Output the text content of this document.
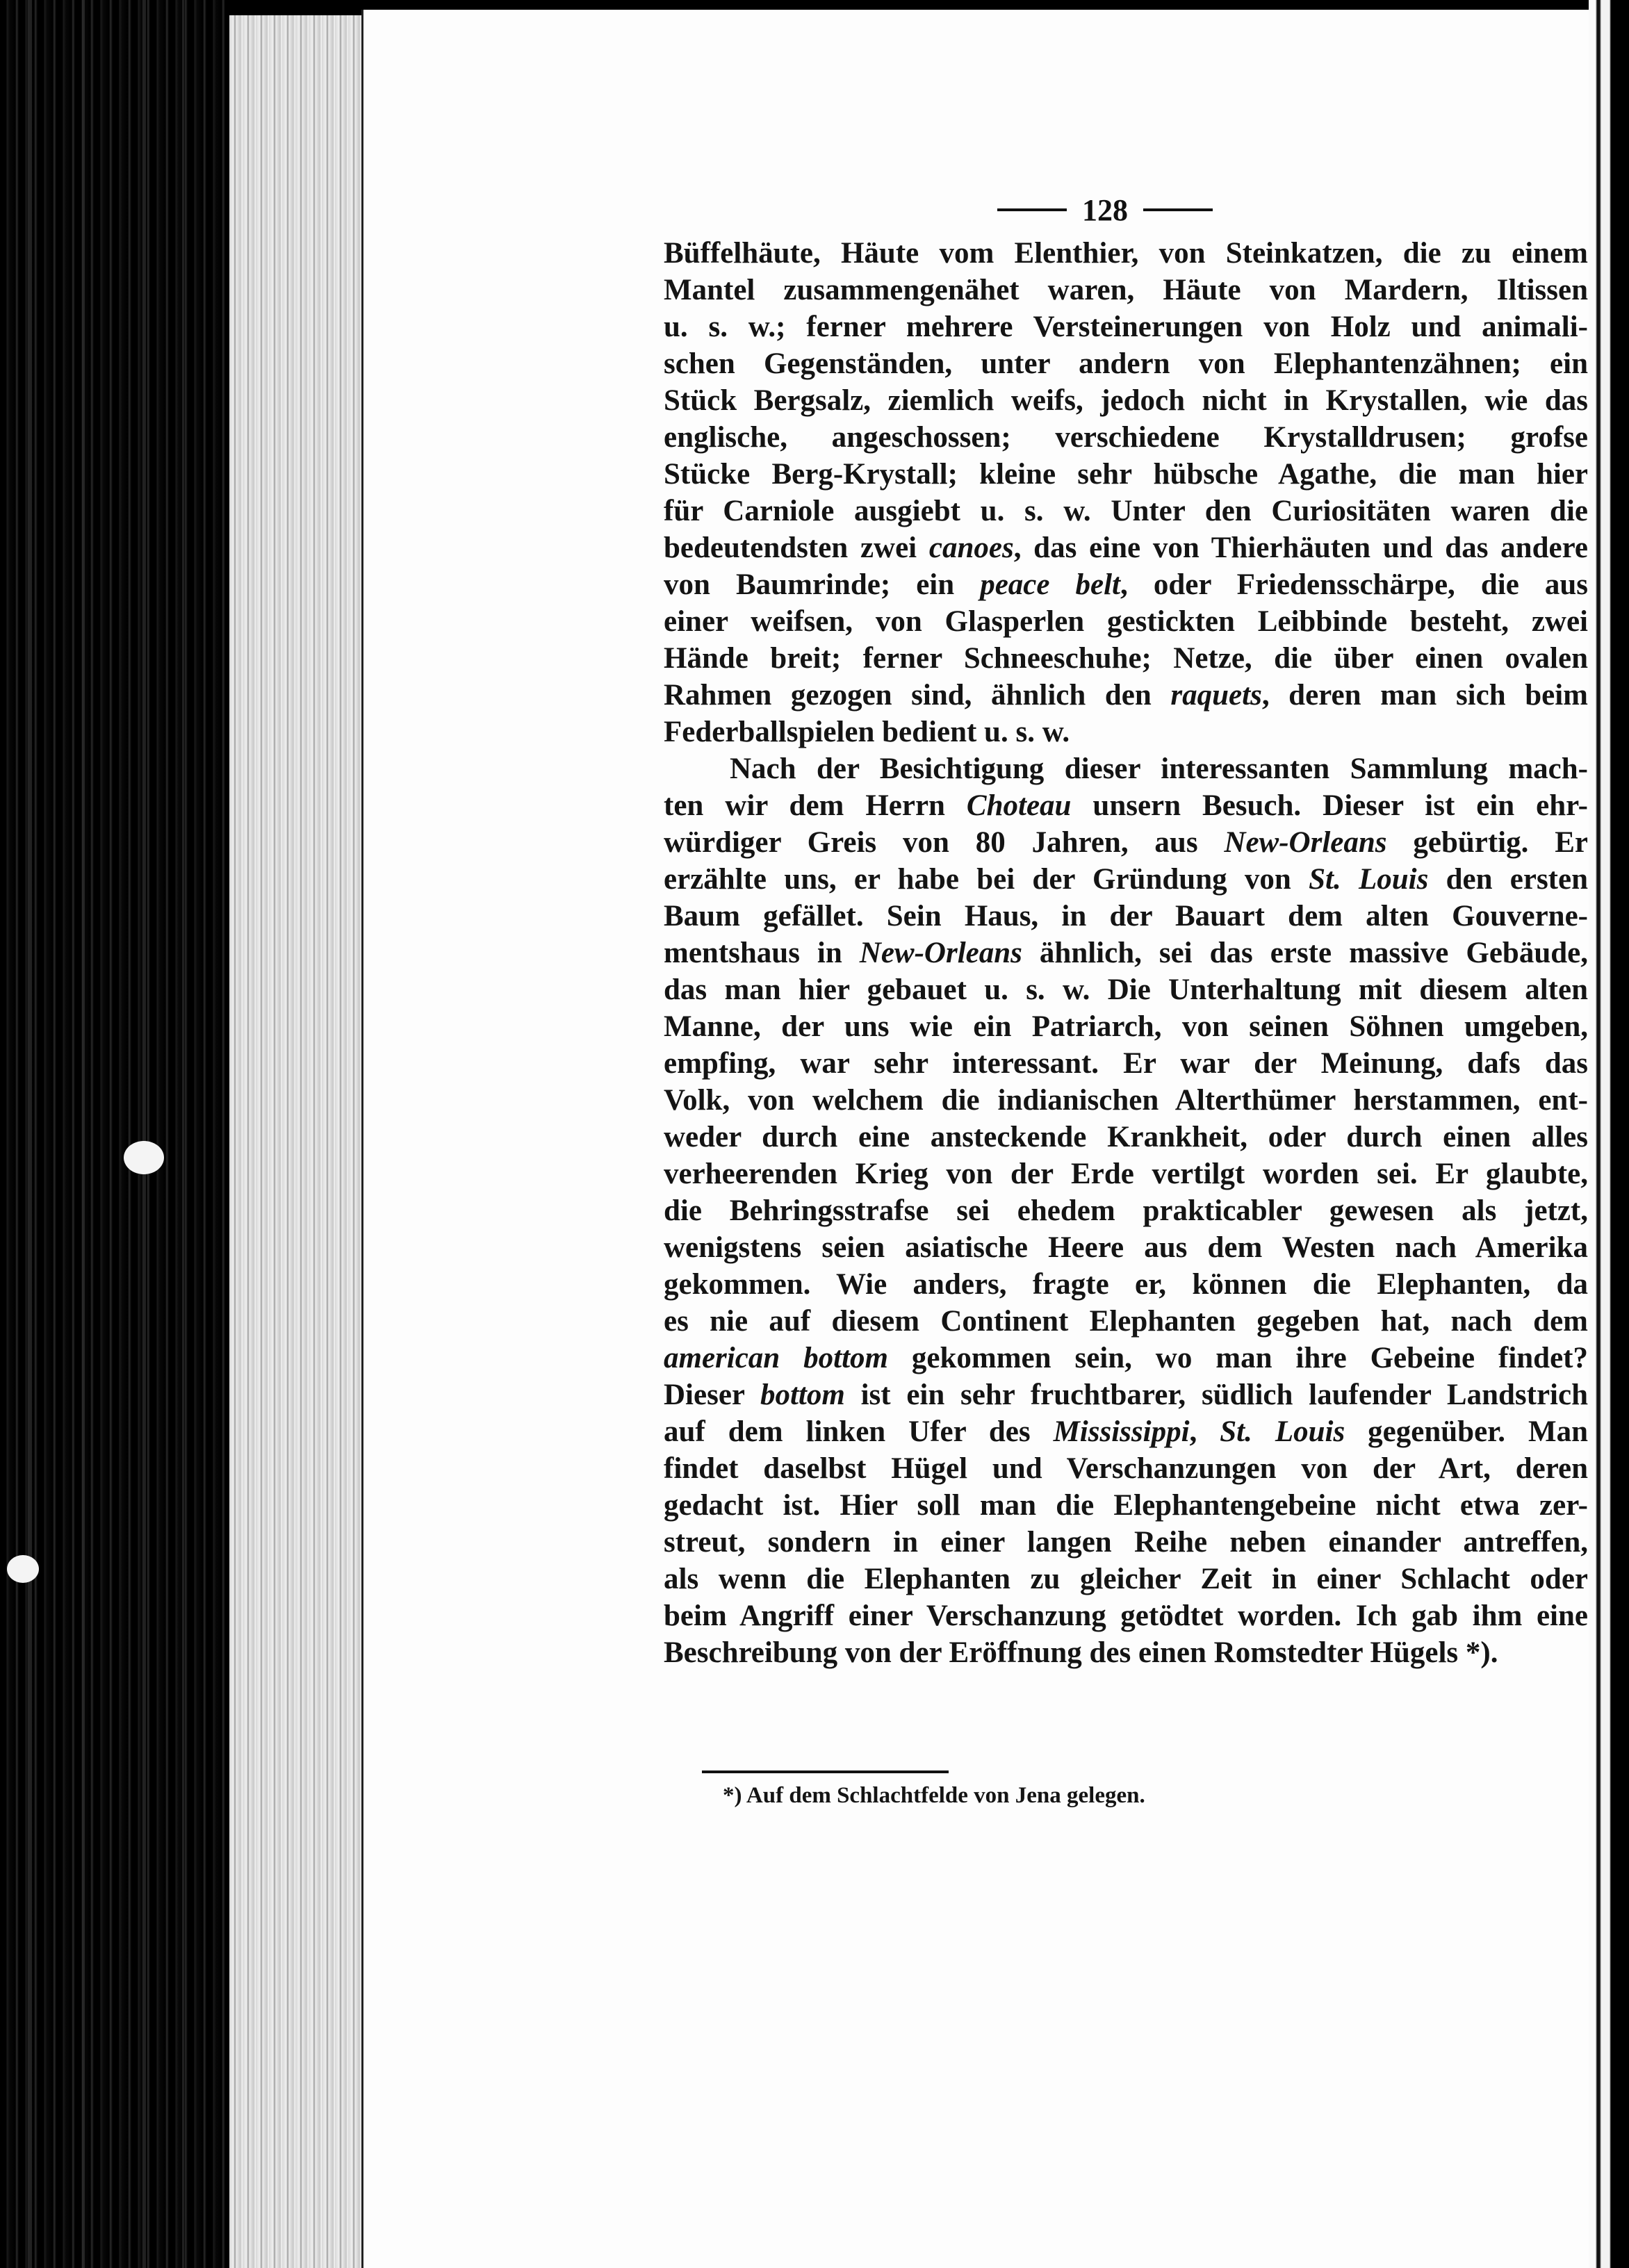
128
Büffelhäute, Häute vom Elenthier, von Steinkatzen, die zu einem
Mantel zusammengenähet waren, Häute von Mardern, Iltissen
u. s. w.; ferner mehrere Versteinerungen von Holz und animali-
schen Gegenständen, unter andern von Elephantenzähnen; ein
Stück Bergsalz, ziemlich weifs, jedoch nicht in Krystallen, wie das
englische, angeschossen; verschiedene Krystalldrusen; grofse
Stücke Berg-Krystall; kleine sehr hübsche Agathe, die man hier
für Carniole ausgiebt u. s. w. Unter den Curiositäten waren die
bedeutendsten zwei canoes, das eine von Thierhäuten und das andere
von Baumrinde; ein peace belt, oder Friedensschärpe, die aus
einer weifsen, von Glasperlen gestickten Leibbinde besteht, zwei
Hände breit; ferner Schneeschuhe; Netze, die über einen ovalen
Rahmen gezogen sind, ähnlich den raquets, deren man sich beim
Federballspielen bedient u. s. w.
Nach der Besichtigung dieser interessanten Sammlung mach-
ten wir dem Herrn Choteau unsern Besuch. Dieser ist ein ehr-
würdiger Greis von 80 Jahren, aus New-Orleans gebürtig. Er
erzählte uns, er habe bei der Gründung von St. Louis den ersten
Baum gefället. Sein Haus, in der Bauart dem alten Gouverne-
mentshaus in New-Orleans ähnlich, sei das erste massive Gebäude,
das man hier gebauet u. s. w. Die Unterhaltung mit diesem alten
Manne, der uns wie ein Patriarch, von seinen Söhnen umgeben,
empfing, war sehr interessant. Er war der Meinung, dafs das
Volk, von welchem die indianischen Alterthümer herstammen, ent-
weder durch eine ansteckende Krankheit, oder durch einen alles
verheerenden Krieg von der Erde vertilgt worden sei. Er glaubte,
die Behringsstrafse sei ehedem prakticabler gewesen als jetzt,
wenigstens seien asiatische Heere aus dem Westen nach Amerika
gekommen. Wie anders, fragte er, können die Elephanten, da
es nie auf diesem Continent Elephanten gegeben hat, nach dem
american bottom gekommen sein, wo man ihre Gebeine findet?
Dieser bottom ist ein sehr fruchtbarer, südlich laufender Landstrich
auf dem linken Ufer des Mississippi, St. Louis gegenüber. Man
findet daselbst Hügel und Verschanzungen von der Art, deren
gedacht ist. Hier soll man die Elephantengebeine nicht etwa zer-
streut, sondern in einer langen Reihe neben einander antreffen,
als wenn die Elephanten zu gleicher Zeit in einer Schlacht oder
beim Angriff einer Verschanzung getödtet worden. Ich gab ihm eine
Beschreibung von der Eröffnung des einen Romstedter Hügels *).
*) Auf dem Schlachtfelde von Jena gelegen.
